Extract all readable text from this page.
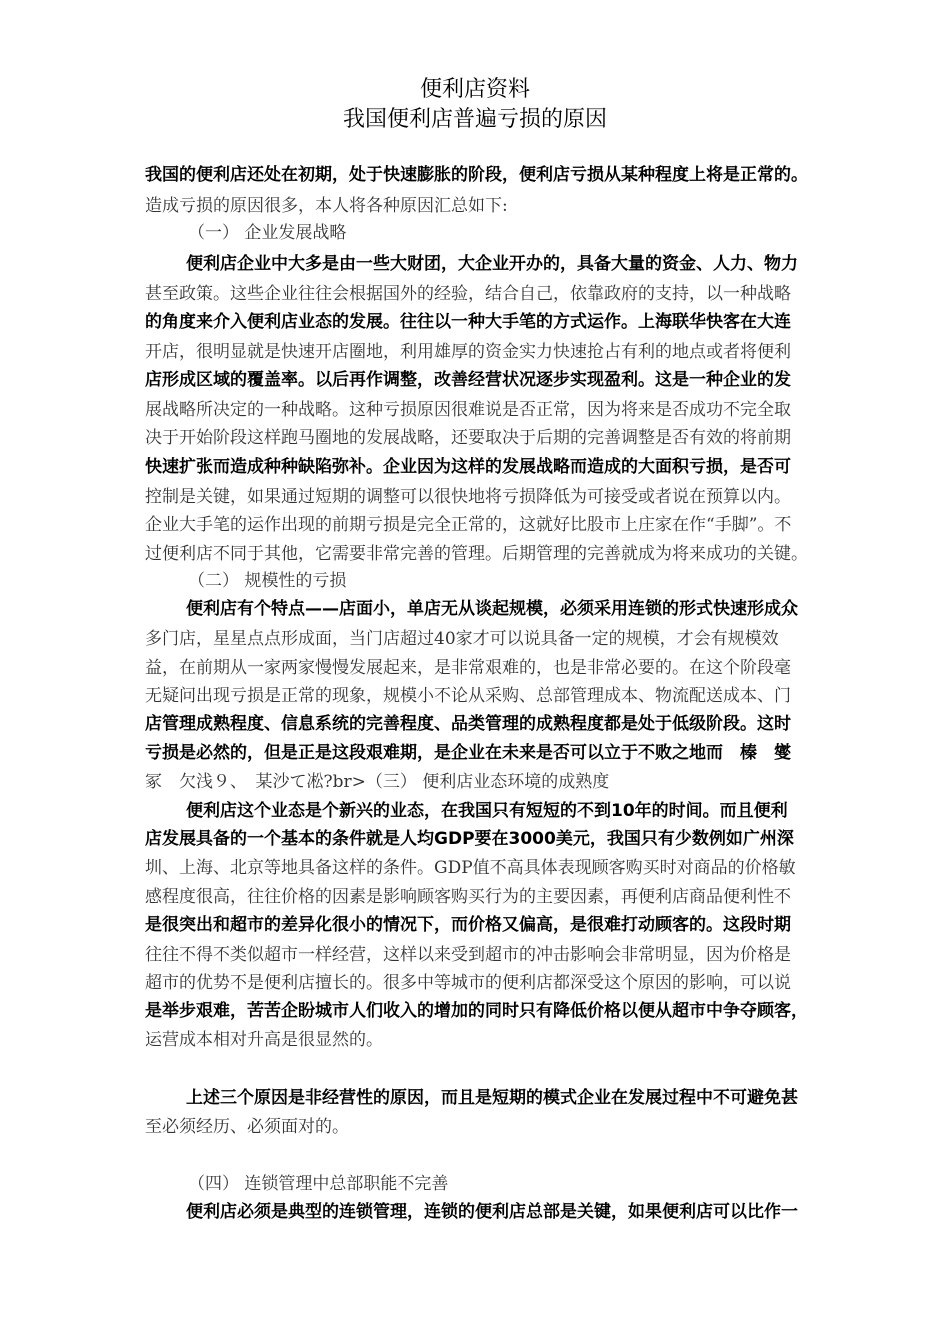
便利店资料
我国便利店普遍亏损的原因
我国的便利店还处在初期，处于快速膨胀的阶段，便利店亏损从某种程度上将是正常的。
造成亏损的原因很多，本人将各种原因汇总如下:
（一） 企业发展战略
便利店企业中大多是由一些大财团，大企业开办的，具备大量的资金、人力、物力
甚至政策。这些企业往往会根据国外的经验，结合自己，依靠政府的支持，以一种战略
的角度来介入便利店业态的发展。往往以一种大手笔的方式运作。上海联华快客在大连
开店，很明显就是快速开店圈地，利用雄厚的资金实力快速抢占有利的地点或者将便利
店形成区域的覆盖率。以后再作调整，改善经营状况逐步实现盈利。这是一种企业的发
展战略所决定的一种战略。这种亏损原因很难说是否正常，因为将来是否成功不完全取
决于开始阶段这样跑马圈地的发展战略，还要取决于后期的完善调整是否有效的将前期
快速扩张而造成种种缺陷弥补。企业因为这样的发展战略而造成的大面积亏损，是否可
控制是关键，如果通过短期的调整可以很快地将亏损降低为可接受或者说在预算以内。
企业大手笔的运作出现的前期亏损是完全正常的，这就好比股市上庄家在作“手脚”。不
过便利店不同于其他，它需要非常完善的管理。后期管理的完善就成为将来成功的关键。
（二） 规模性的亏损
便利店有个特点——店面小，单店无从谈起规模，必须采用连锁的形式快速形成众
多门店，星星点点形成面，当门店超过40家才可以说具备一定的规模，才会有规模效
益，在前期从一家两家慢慢发展起来，是非常艰难的，也是非常必要的。在这个阶段毫
无疑问出现亏损是正常的现象，规模小不论从采购、总部管理成本、物流配送成本、门
店管理成熟程度、信息系统的完善程度、品类管理的成熟程度都是处于低级阶段。这时
亏损是必然的，但是正是这段艰难期，是企业在未来是否可以立于不败之地而　榛　燮
冢　欠浅９、　某沙て凇?br>（三） 便利店业态环境的成熟度
便利店这个业态是个新兴的业态，在我国只有短短的不到10年的时间。而且便利
店发展具备的一个基本的条件就是人均GDP要在3000美元，我国只有少数例如广州深
圳、上海、北京等地具备这样的条件。GDP值不高具体表现顾客购买时对商品的价格敏
感程度很高，往往价格的因素是影响顾客购买行为的主要因素，再便利店商品便利性不
是很突出和超市的差异化很小的情况下，而价格又偏高，是很难打动顾客的。这段时期
往往不得不类似超市一样经营，这样以来受到超市的冲击影响会非常明显，因为价格是
超市的优势不是便利店擅长的。很多中等城市的便利店都深受这个原因的影响，可以说
是举步艰难，苦苦企盼城市人们收入的增加的同时只有降低价格以便从超市中争夺顾客，
运营成本相对升高是很显然的。
上述三个原因是非经营性的原因，而且是短期的模式企业在发展过程中不可避免甚
至必须经历、必须面对的。
（四） 连锁管理中总部职能不完善
便利店必须是典型的连锁管理，连锁的便利店总部是关键，如果便利店可以比作一
